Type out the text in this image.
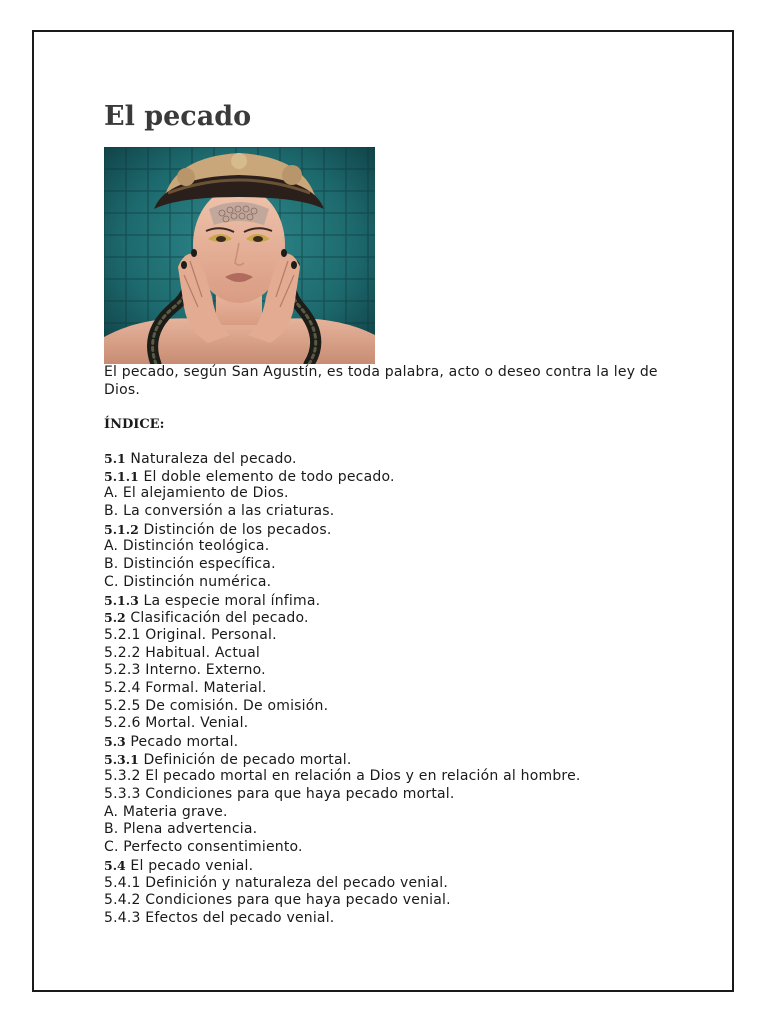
El pecado

El pecado, según San Agustín, es toda palabra, acto o deseo contra la ley de Dios.

ÍNDICE:

5.1 Naturaleza del pecado.
5.1.1 El doble elemento de todo pecado.
A. El alejamiento de Dios.
B. La conversión a las criaturas.
5.1.2 Distinción de los pecados.
A. Distinción teológica.
B. Distinción específica.
C. Distinción numérica.
5.1.3 La especie moral ínfima.
5.2 Clasificación del pecado.
5.2.1 Original. Personal.
5.2.2 Habitual. Actual
5.2.3 Interno. Externo.
5.2.4 Formal. Material.
5.2.5 De comisión. De omisión.
5.2.6 Mortal. Venial.
5.3 Pecado mortal.
5.3.1 Definición de pecado mortal.
5.3.2 El pecado mortal en relación a Dios y en relación al hombre.
5.3.3 Condiciones para que haya pecado mortal.
A. Materia grave.
B. Plena advertencia.
C. Perfecto consentimiento.
5.4 El pecado venial.
5.4.1 Definición y naturaleza del pecado venial.
5.4.2 Condiciones para que haya pecado venial.
5.4.3 Efectos del pecado venial.
